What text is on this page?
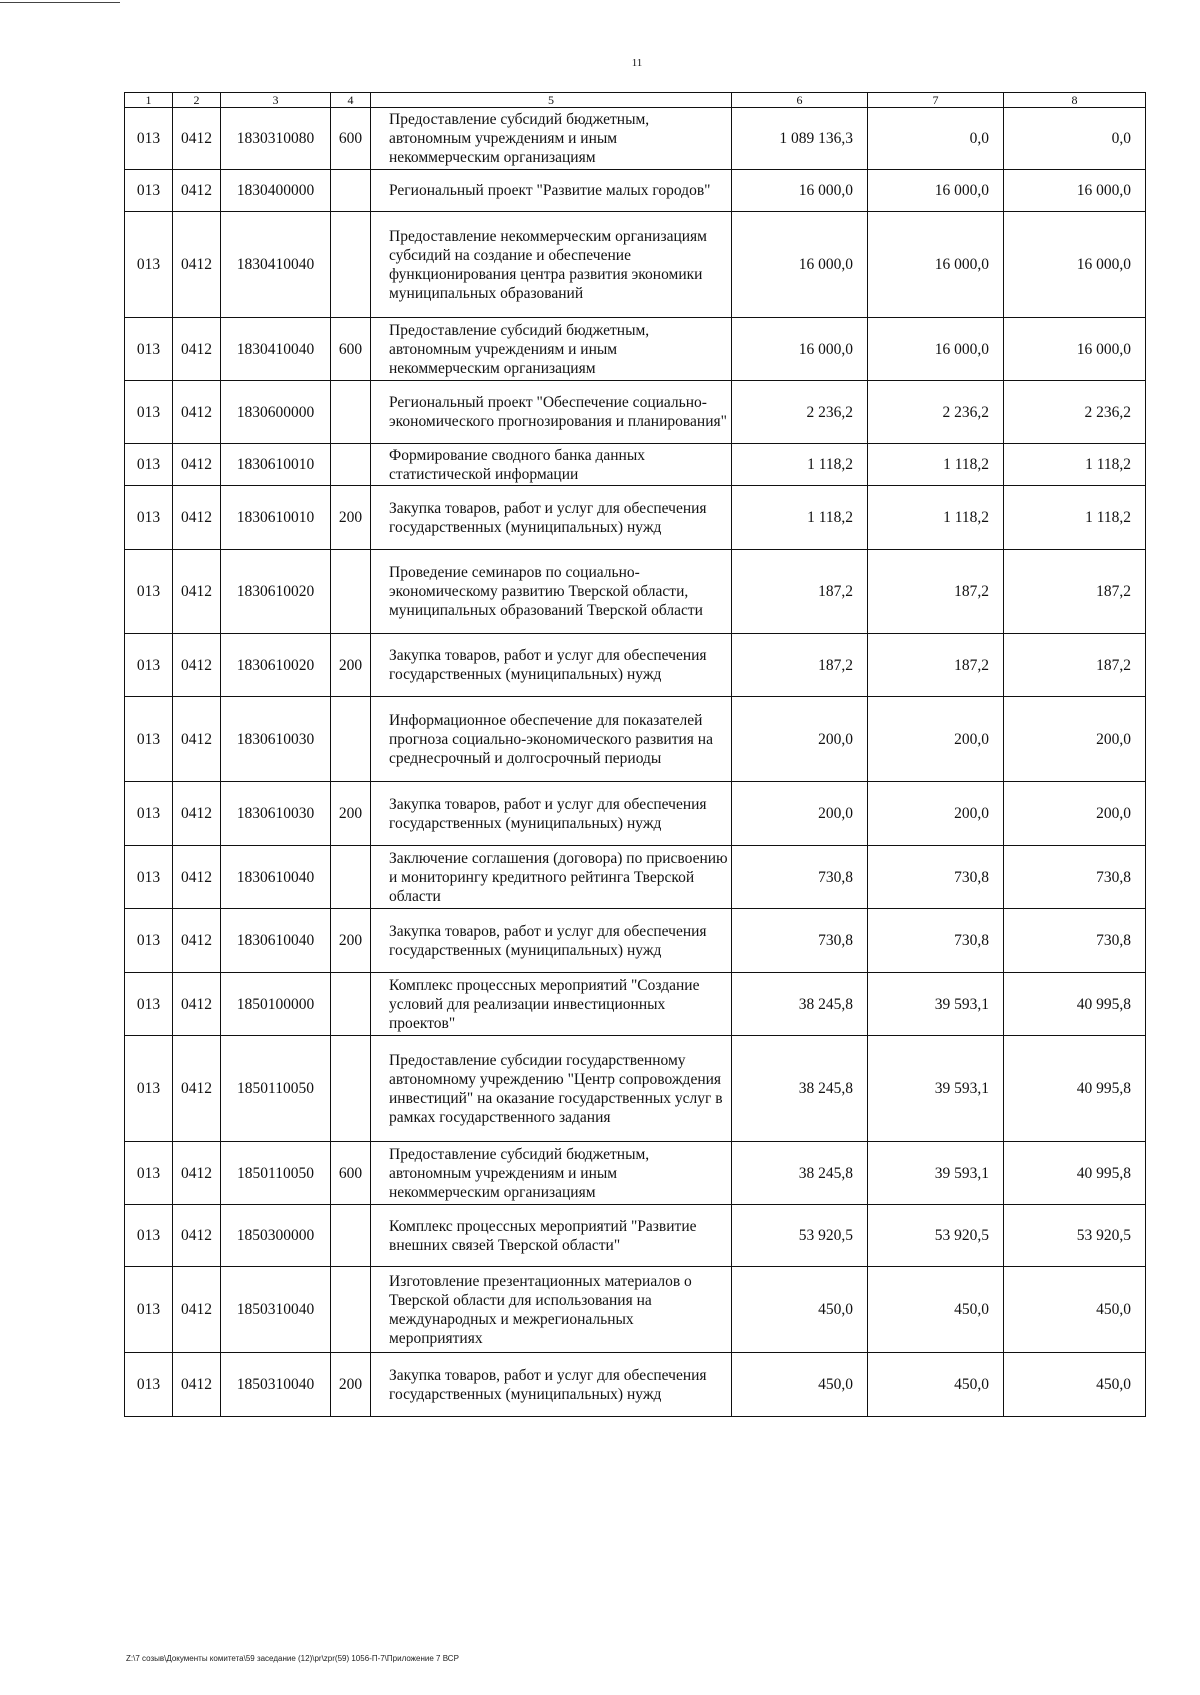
11
1	2	3	4	5	6	7	8
013	0412	1830310080	600	Предоставление субсидий бюджетным, автономным учреждениям и иным некоммерческим организациям	1 089 136,3	0,0	0,0
013	0412	1830400000		Региональный проект "Развитие малых городов"	16 000,0	16 000,0	16 000,0
013	0412	1830410040		Предоставление некоммерческим организациям субсидий на создание и обеспечение функционирования центра развития экономики муниципальных образований	16 000,0	16 000,0	16 000,0
013	0412	1830410040	600	Предоставление субсидий бюджетным, автономным учреждениям и иным некоммерческим организациям	16 000,0	16 000,0	16 000,0
013	0412	1830600000		Региональный проект "Обеспечение социально-экономического прогнозирования и планирования"	2 236,2	2 236,2	2 236,2
013	0412	1830610010		Формирование сводного банка данных статистической информации	1 118,2	1 118,2	1 118,2
013	0412	1830610010	200	Закупка товаров, работ и услуг для обеспечения государственных (муниципальных) нужд	1 118,2	1 118,2	1 118,2
013	0412	1830610020		Проведение семинаров по социально-экономическому развитию Тверской области, муниципальных образований Тверской области	187,2	187,2	187,2
013	0412	1830610020	200	Закупка товаров, работ и услуг для обеспечения государственных (муниципальных) нужд	187,2	187,2	187,2
013	0412	1830610030		Информационное обеспечение для показателей прогноза социально-экономического развития на среднесрочный и долгосрочный периоды	200,0	200,0	200,0
013	0412	1830610030	200	Закупка товаров, работ и услуг для обеспечения государственных (муниципальных) нужд	200,0	200,0	200,0
013	0412	1830610040		Заключение соглашения (договора) по присвоению и мониторингу кредитного рейтинга Тверской области	730,8	730,8	730,8
013	0412	1830610040	200	Закупка товаров, работ и услуг для обеспечения государственных (муниципальных) нужд	730,8	730,8	730,8
013	0412	1850100000		Комплекс процессных мероприятий "Создание условий для реализации инвестиционных проектов"	38 245,8	39 593,1	40 995,8
013	0412	1850110050		Предоставление субсидии государственному автономному учреждению "Центр сопровождения инвестиций" на оказание государственных услуг в рамках государственного задания	38 245,8	39 593,1	40 995,8
013	0412	1850110050	600	Предоставление субсидий бюджетным, автономным учреждениям и иным некоммерческим организациям	38 245,8	39 593,1	40 995,8
013	0412	1850300000		Комплекс процессных мероприятий "Развитие внешних связей Тверской области"	53 920,5	53 920,5	53 920,5
013	0412	1850310040		Изготовление презентационных материалов о Тверской области для использования на международных и межрегиональных мероприятиях	450,0	450,0	450,0
013	0412	1850310040	200	Закупка товаров, работ и услуг для обеспечения государственных (муниципальных) нужд	450,0	450,0	450,0
Z:\7 созыв\Документы комитета\59 заседание (12)\pr\zpr(59) 1056-П-7\Приложение 7 ВСР
